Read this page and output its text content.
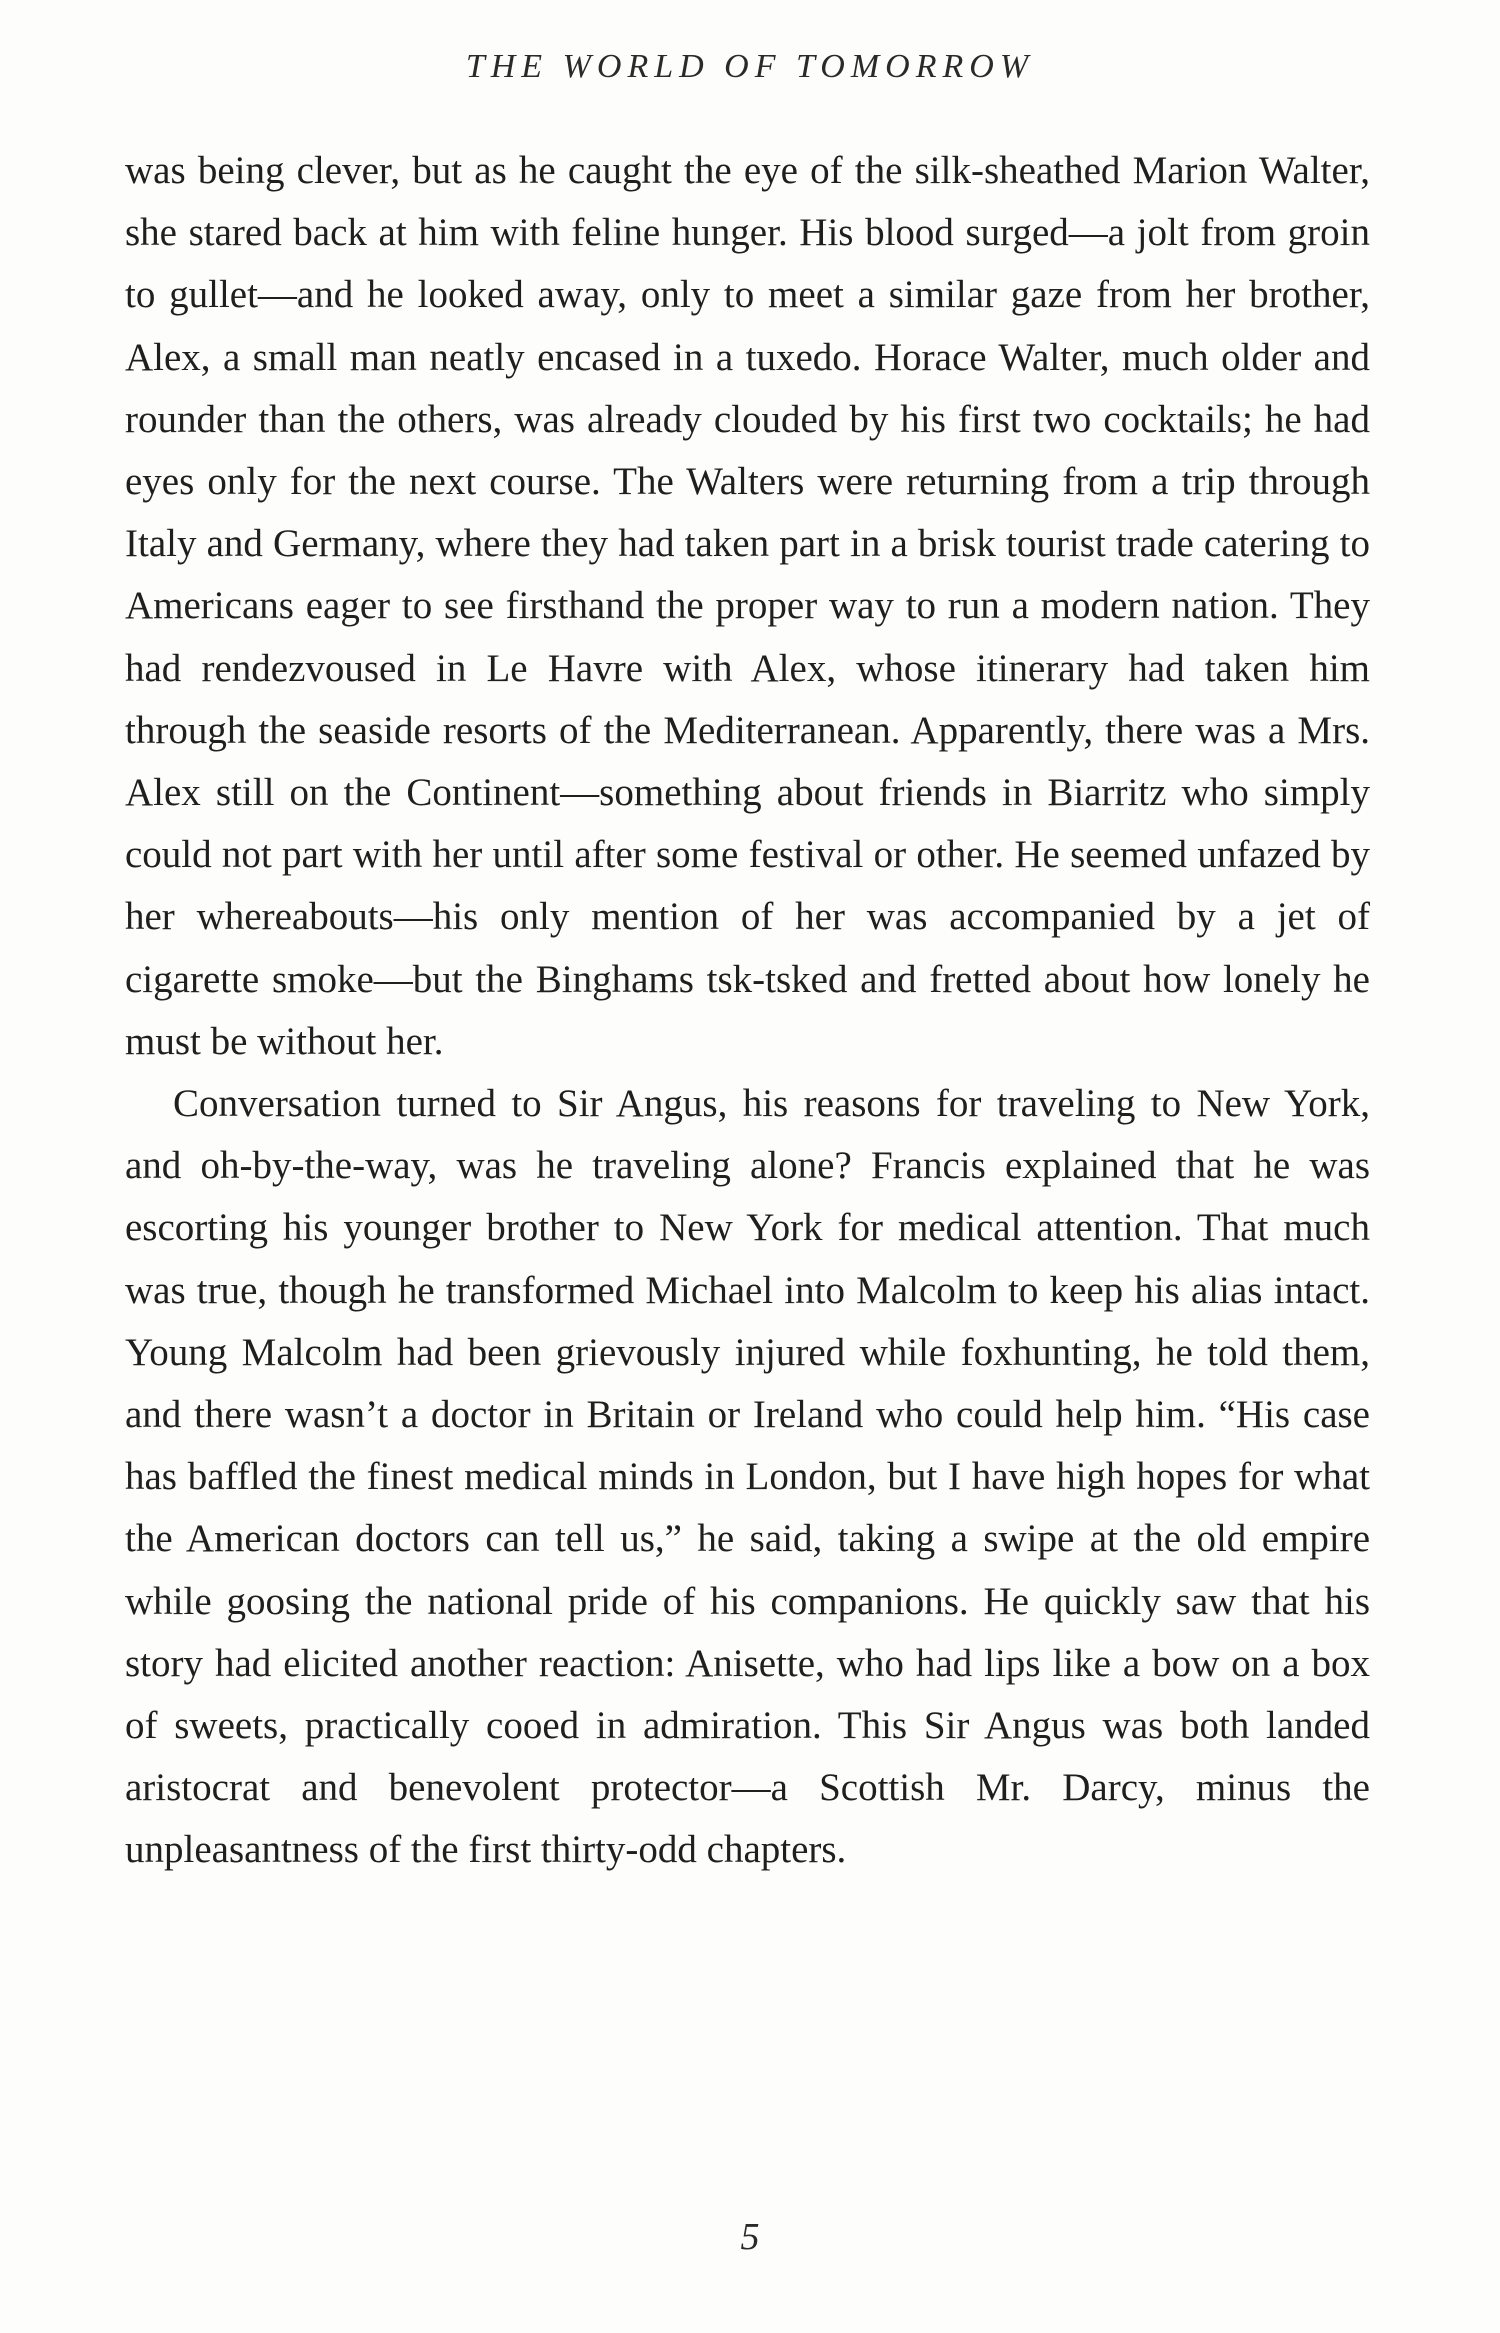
THE WORLD OF TOMORROW

was being clever, but as he caught the eye of the silk-sheathed Marion Walter, she stared back at him with feline hunger. His blood surged—a jolt from groin to gullet—and he looked away, only to meet a similar gaze from her brother, Alex, a small man neatly encased in a tuxedo. Horace Walter, much older and rounder than the others, was already clouded by his first two cocktails; he had eyes only for the next course. The Walters were returning from a trip through Italy and Germany, where they had taken part in a brisk tourist trade catering to Americans eager to see firsthand the proper way to run a modern nation. They had rendezvoused in Le Havre with Alex, whose itinerary had taken him through the seaside resorts of the Mediterranean. Apparently, there was a Mrs. Alex still on the Continent—something about friends in Biarritz who simply could not part with her until after some festival or other. He seemed unfazed by her whereabouts—his only mention of her was accompanied by a jet of cigarette smoke—but the Binghams tsk-tsked and fretted about how lonely he must be without her.

Conversation turned to Sir Angus, his reasons for traveling to New York, and oh-by-the-way, was he traveling alone? Francis explained that he was escorting his younger brother to New York for medical attention. That much was true, though he transformed Michael into Malcolm to keep his alias intact. Young Malcolm had been grievously injured while foxhunting, he told them, and there wasn’t a doctor in Britain or Ireland who could help him. “His case has baffled the finest medical minds in London, but I have high hopes for what the American doctors can tell us,” he said, taking a swipe at the old empire while goosing the national pride of his companions. He quickly saw that his story had elicited another reaction: Anisette, who had lips like a bow on a box of sweets, practically cooed in admiration. This Sir Angus was both landed aristocrat and benevolent protector—a Scottish Mr. Darcy, minus the unpleasantness of the first thirty-odd chapters.

5
